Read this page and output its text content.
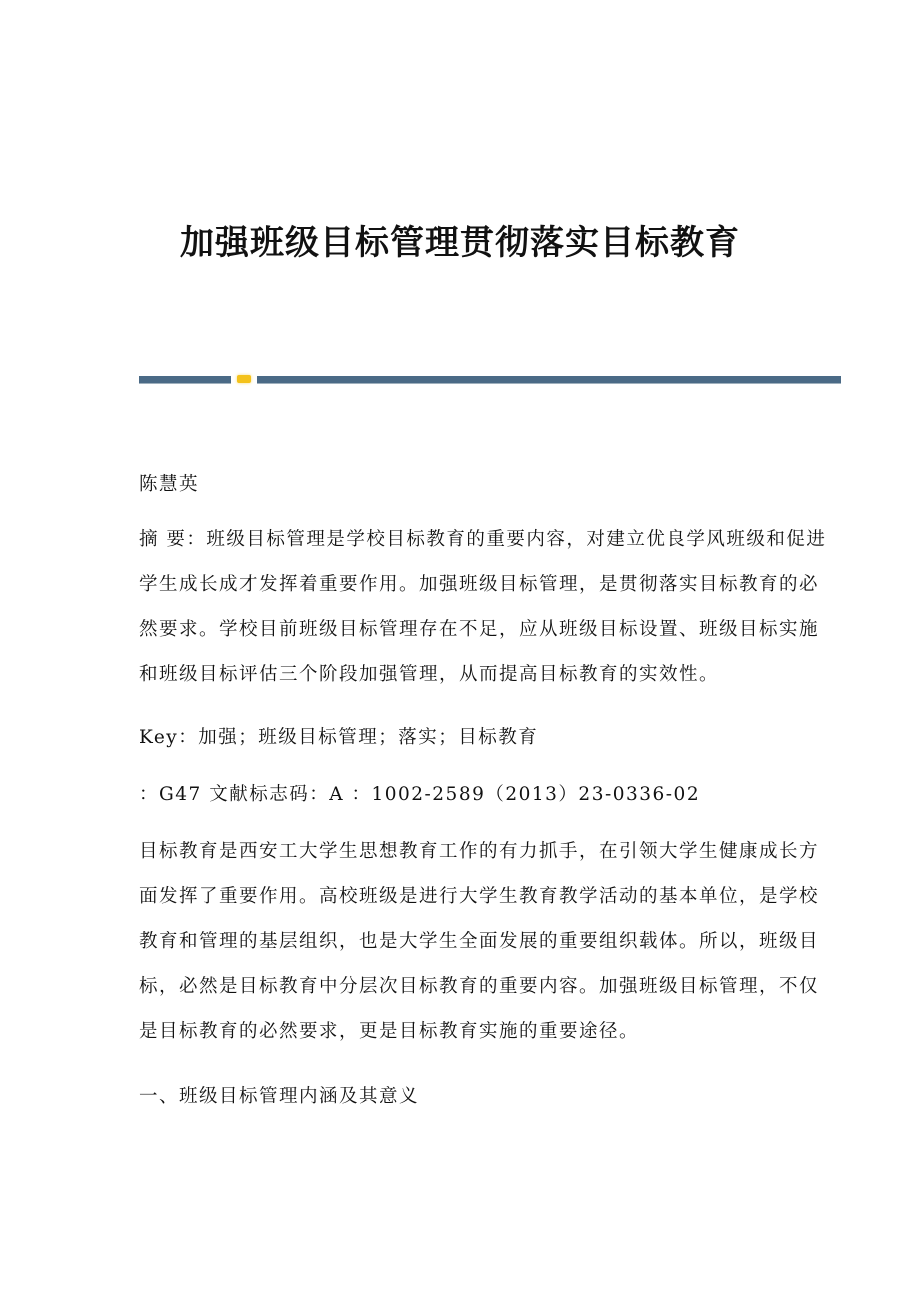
加强班级目标管理贯彻落实目标教育
陈慧英
摘 要：班级目标管理是学校目标教育的重要内容，对建立优良学风班级和促进
学生成长成才发挥着重要作用。加强班级目标管理，是贯彻落实目标教育的必
然要求。学校目前班级目标管理存在不足，应从班级目标设置、班级目标实施
和班级目标评估三个阶段加强管理，从而提高目标教育的实效性。
Key：加强；班级目标管理；落实；目标教育
：G47 文献标志码：A ：1002-2589（2013）23-0336-02
目标教育是西安工大学生思想教育工作的有力抓手，在引领大学生健康成长方
面发挥了重要作用。高校班级是进行大学生教育教学活动的基本单位，是学校
教育和管理的基层组织，也是大学生全面发展的重要组织载体。所以，班级目
标，必然是目标教育中分层次目标教育的重要内容。加强班级目标管理，不仅
是目标教育的必然要求，更是目标教育实施的重要途径。
一、班级目标管理内涵及其意义
